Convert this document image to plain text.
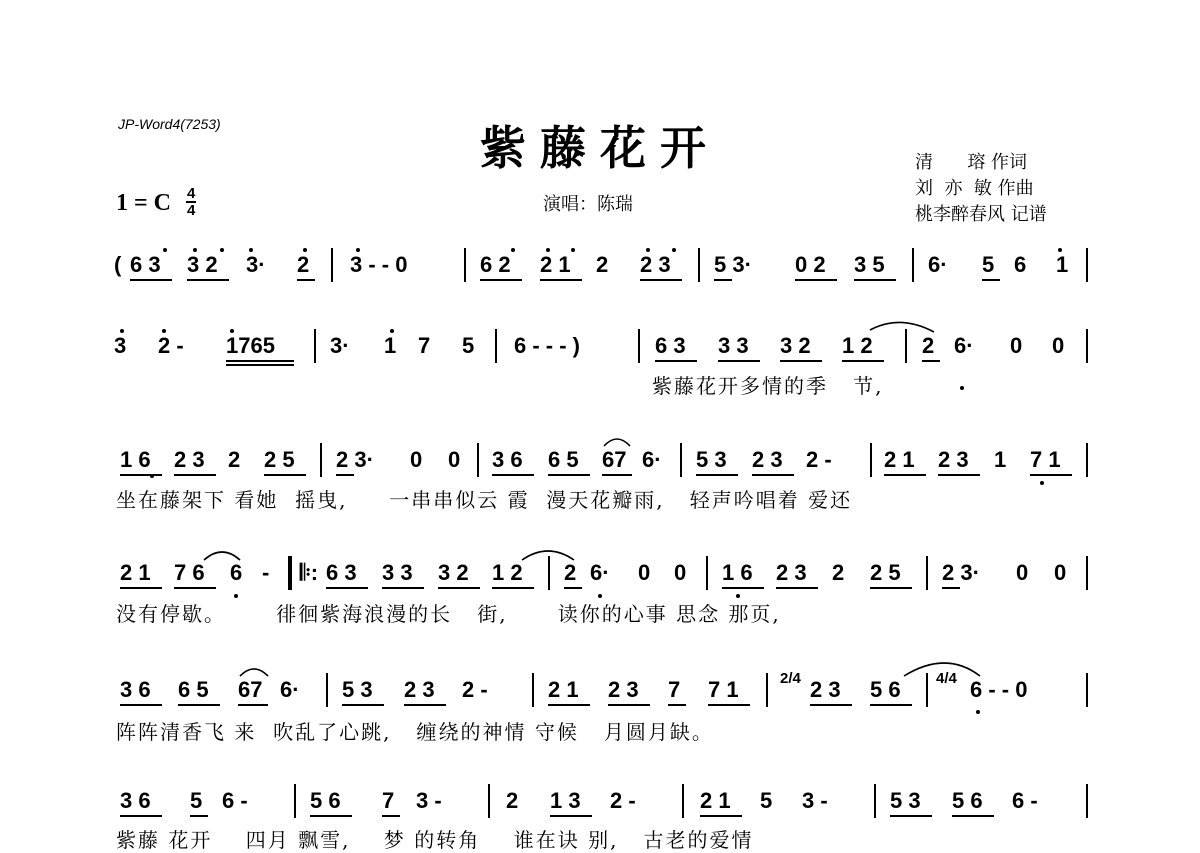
JP-Word4(7253)	紫藤花开	清      瑢 作词
刘  亦  敏 作曲
桃李醉春风 记谱
1 = C 4
4	演唱：陈瑞
( 6 3 3 2 3· 2 3 - - 0	6 2 2 1 2 2 3 5 3· 0 2 3 5 6· 5 6 1
3 2 - 1765	3· 1 7 5 6 - - - )	6 3 3 3 3 2 1 2 2 6· 0 0
紫藤花开多情的季   节,
1 6 2 3 2 2 5 2 3· 0 0 3 6 6 5 67 6· 5 3 2 3 2 - 2 1 2 3 1 7 1
坐在藤架下 看她  摇曳,     一串串似云 霞  漫天花瓣雨,   轻声吟唱着 爱还
2 1 7 6 6 - 𝄆: 6 3 3 3 3 2 1 2 2 6· 0 0 1 6 2 3 2 2 5 2 3· 0 0
没有停歇。      徘徊紫海浪漫的长   街,      读你的心事 思念 那页,
3 6 6 5 67 6· 5 3 2 3 2 -	2 1 2 3 7 7 1	2/4 2 3 5 6 4/4 6 - - 0
阵阵清香飞 来  吹乱了心跳,   缠绕的神情 守候   月圆月缺。
3 6 5 6 -	5 6 7 3 -	2 1 3 2 -	2 1 5 3 -	5 3 5 6 6 -
紫藤 花开    四月 飘雪,    梦 的转角    谁在诀 别,   古老的爱情
